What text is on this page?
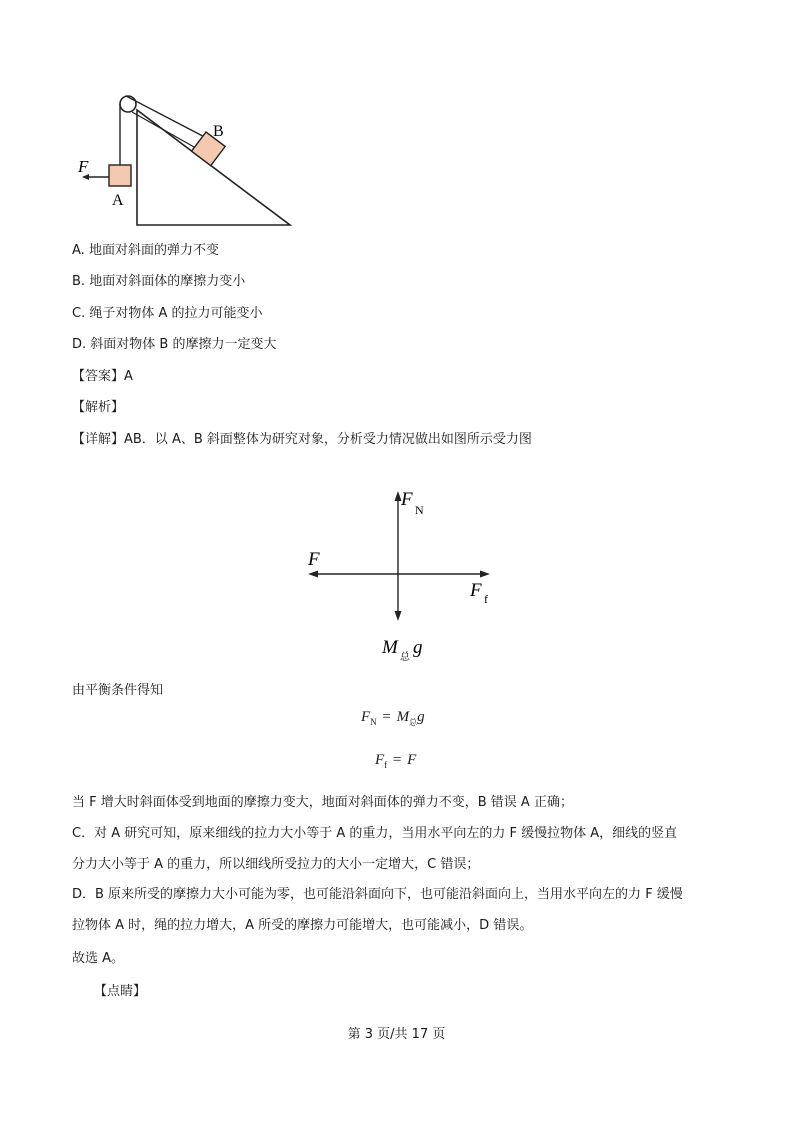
B
A
F
A. 地面对斜面的弹力不变
B. 地面对斜面体的摩擦力变小
C. 绳子对物体 A 的拉力可能变小
D. 斜面对物体 B 的摩擦力一定变大
【答案】A
【解析】
【详解】AB．以 A、B 斜面整体为研究对象，分析受力情况做出如图所示受力图
F N
F
F f
M 总 g
由平衡条件得知
$F_N = M_总g$
$F_f = F$
当 F 增大时斜面体受到地面的摩擦力变大，地面对斜面体的弹力不变，B 错误 A 正确；
C．对 A 研究可知，原来细线的拉力大小等于 A 的重力，当用水平向左的力 F 缓慢拉物体 A，细线的竖直
分力大小等于 A 的重力，所以细线所受拉力的大小一定增大，C 错误；
D．B 原来所受的摩擦力大小可能为零，也可能沿斜面向下，也可能沿斜面向上，当用水平向左的力 F 缓慢
拉物体 A 时，绳的拉力增大，A 所受的摩擦力可能增大，也可能减小，D 错误。
故选 A。
【点睛】
第 3 页/共 17 页
